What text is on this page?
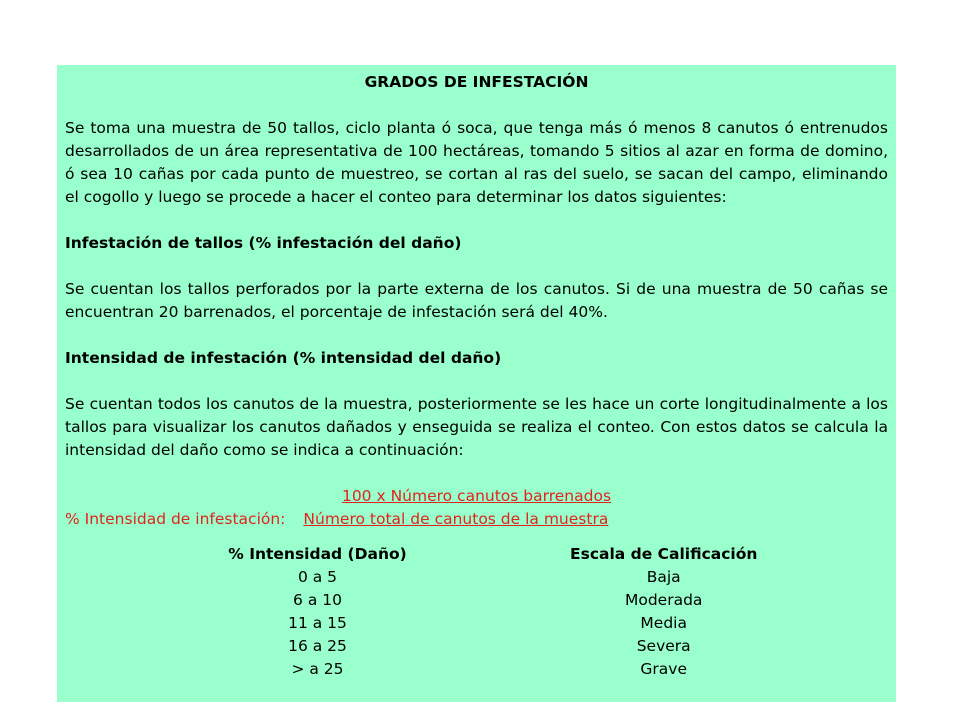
GRADOS DE INFESTACIÓN
Se toma una muestra de 50 tallos, ciclo planta ó soca, que tenga más ó menos 8 canutos ó entrenudos desarrollados de un área representativa de 100 hectáreas, tomando 5 sitios al azar en forma de domino, ó sea 10 cañas por cada punto de muestreo, se cortan al ras del suelo, se sacan del campo, eliminando el cogollo y luego se procede a hacer el conteo para determinar los datos siguientes:
Infestación de tallos (% infestación del daño)
Se cuentan los tallos perforados por la parte externa de los canutos. Si de una muestra de 50 cañas se encuentran 20 barrenados, el porcentaje de infestación será del 40%.
Intensidad de infestación (% intensidad del daño)
Se cuentan todos los canutos de la muestra, posteriormente se les hace un corte longitudinalmente a los tallos para visualizar los canutos dañados y enseguida se realiza el conteo. Con estos datos se calcula la intensidad del daño como se indica a continuación:
100 x Número canutos barrenados
% Intensidad de infestación: Número total de canutos de la muestra
% Intensidad (Daño)	Escala de Calificación
0 a 5	Baja
6 a 10	Moderada
11 a 15	Media
16 a 25	Severa
> a 25	Grave
